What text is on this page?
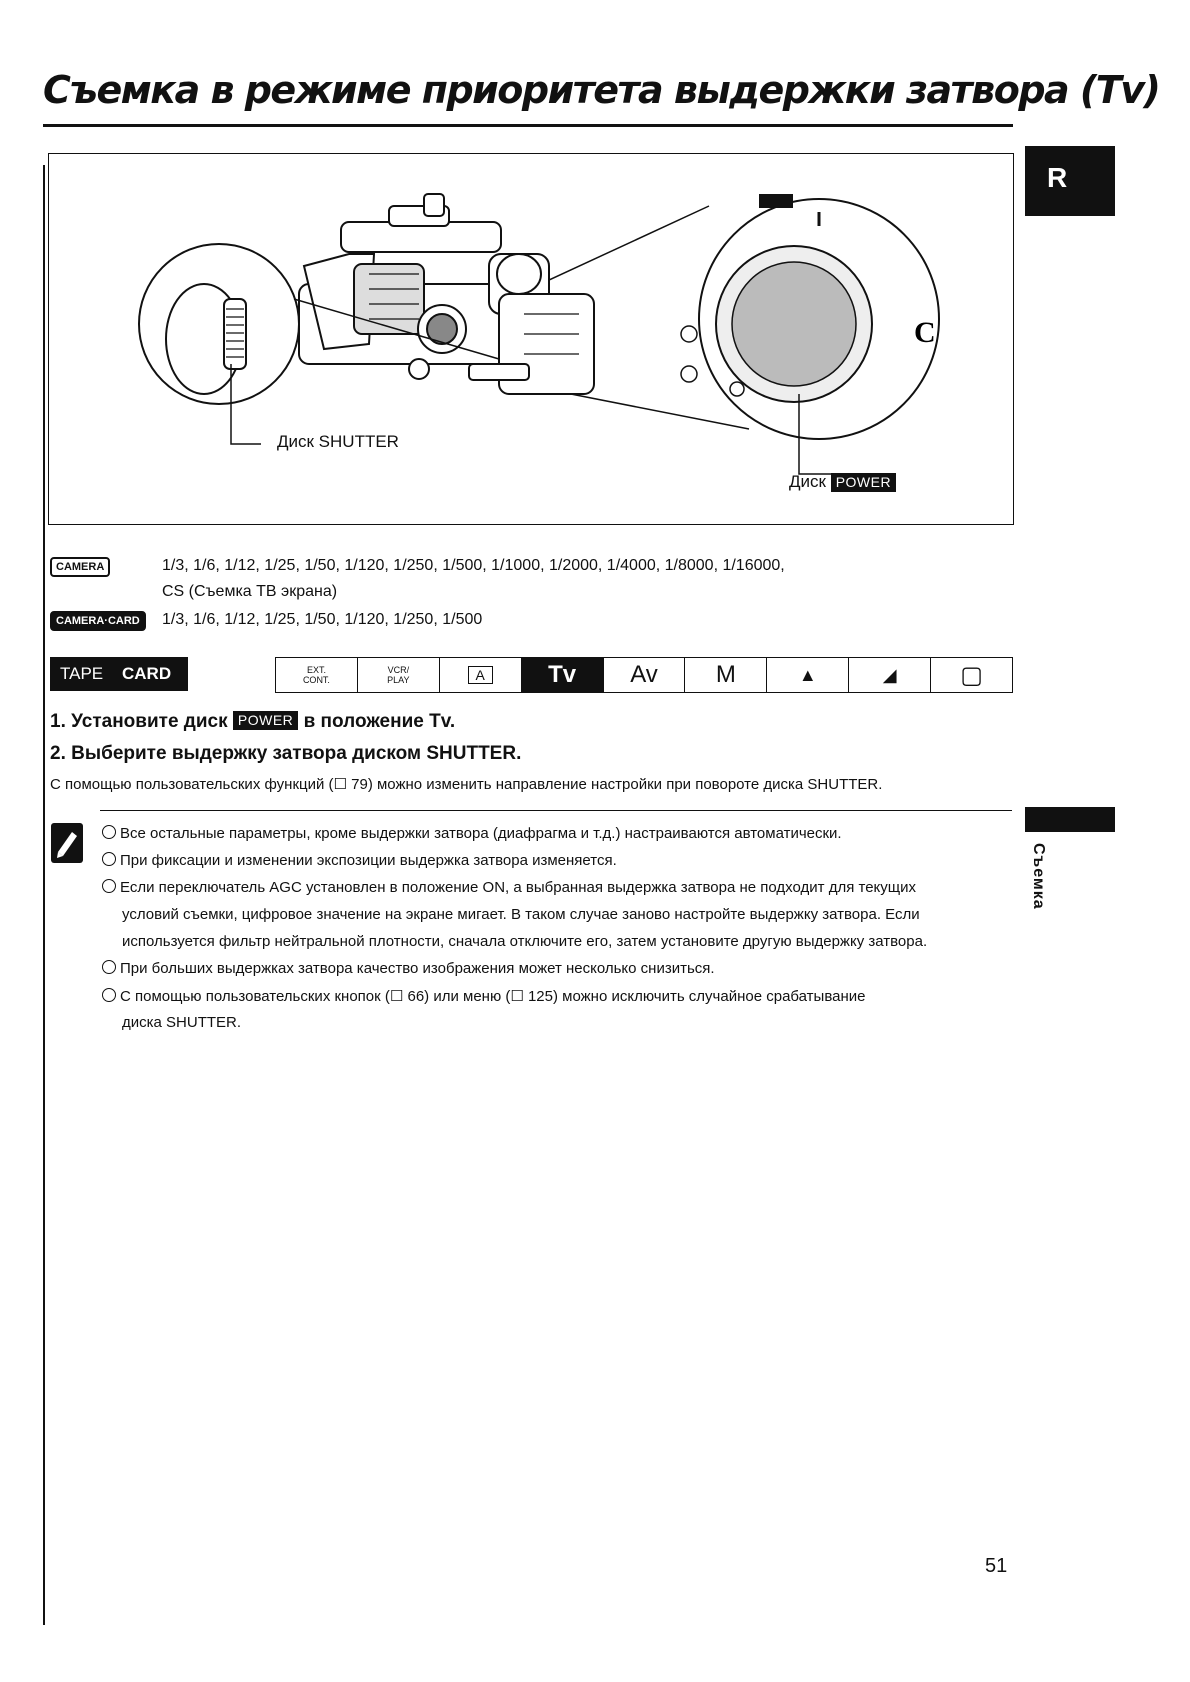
Съемка в режиме приоритета выдержки затвора (Tv)
R
Съемка
C
Диск SHUTTER
Диск POWER
CAMERA	1/3, 1/6, 1/12, 1/25, 1/50, 1/120, 1/250, 1/500, 1/1000, 1/2000, 1/4000, 1/8000, 1/16000,
CS (Съемка ТВ экрана)
CAMERA·CARD	1/3, 1/6, 1/12, 1/25, 1/50, 1/120, 1/250, 1/500
TAPE CARD	EXT.
CONT.
VCR/
PLAY	A	Tv	Av	M	▲	◢	▢
1. Установите диск POWER в положение Tv.
2. Выберите выдержку затвора диском SHUTTER.
С помощью пользовательских функций (☐ 79) можно изменить направление настройки при повороте диска SHUTTER.
Все остальные параметры, кроме выдержки затвора (диафрагма и т.д.) настраиваются автоматически.
При фиксации и изменении экспозиции выдержка затвора изменяется.
Если переключатель AGC установлен в положение ON, а выбранная выдержка затвора не подходит для текущих
условий съемки, цифровое значение на экране мигает. В таком случае заново настройте выдержку затвора. Если
используется фильтр нейтральной плотности, сначала отключите его, затем установите другую выдержку затвора.
При больших выдержках затвора качество изображения может несколько снизиться.
С помощью пользовательских кнопок (☐ 66) или меню (☐ 125) можно исключить случайное срабатывание
диска SHUTTER.
51
